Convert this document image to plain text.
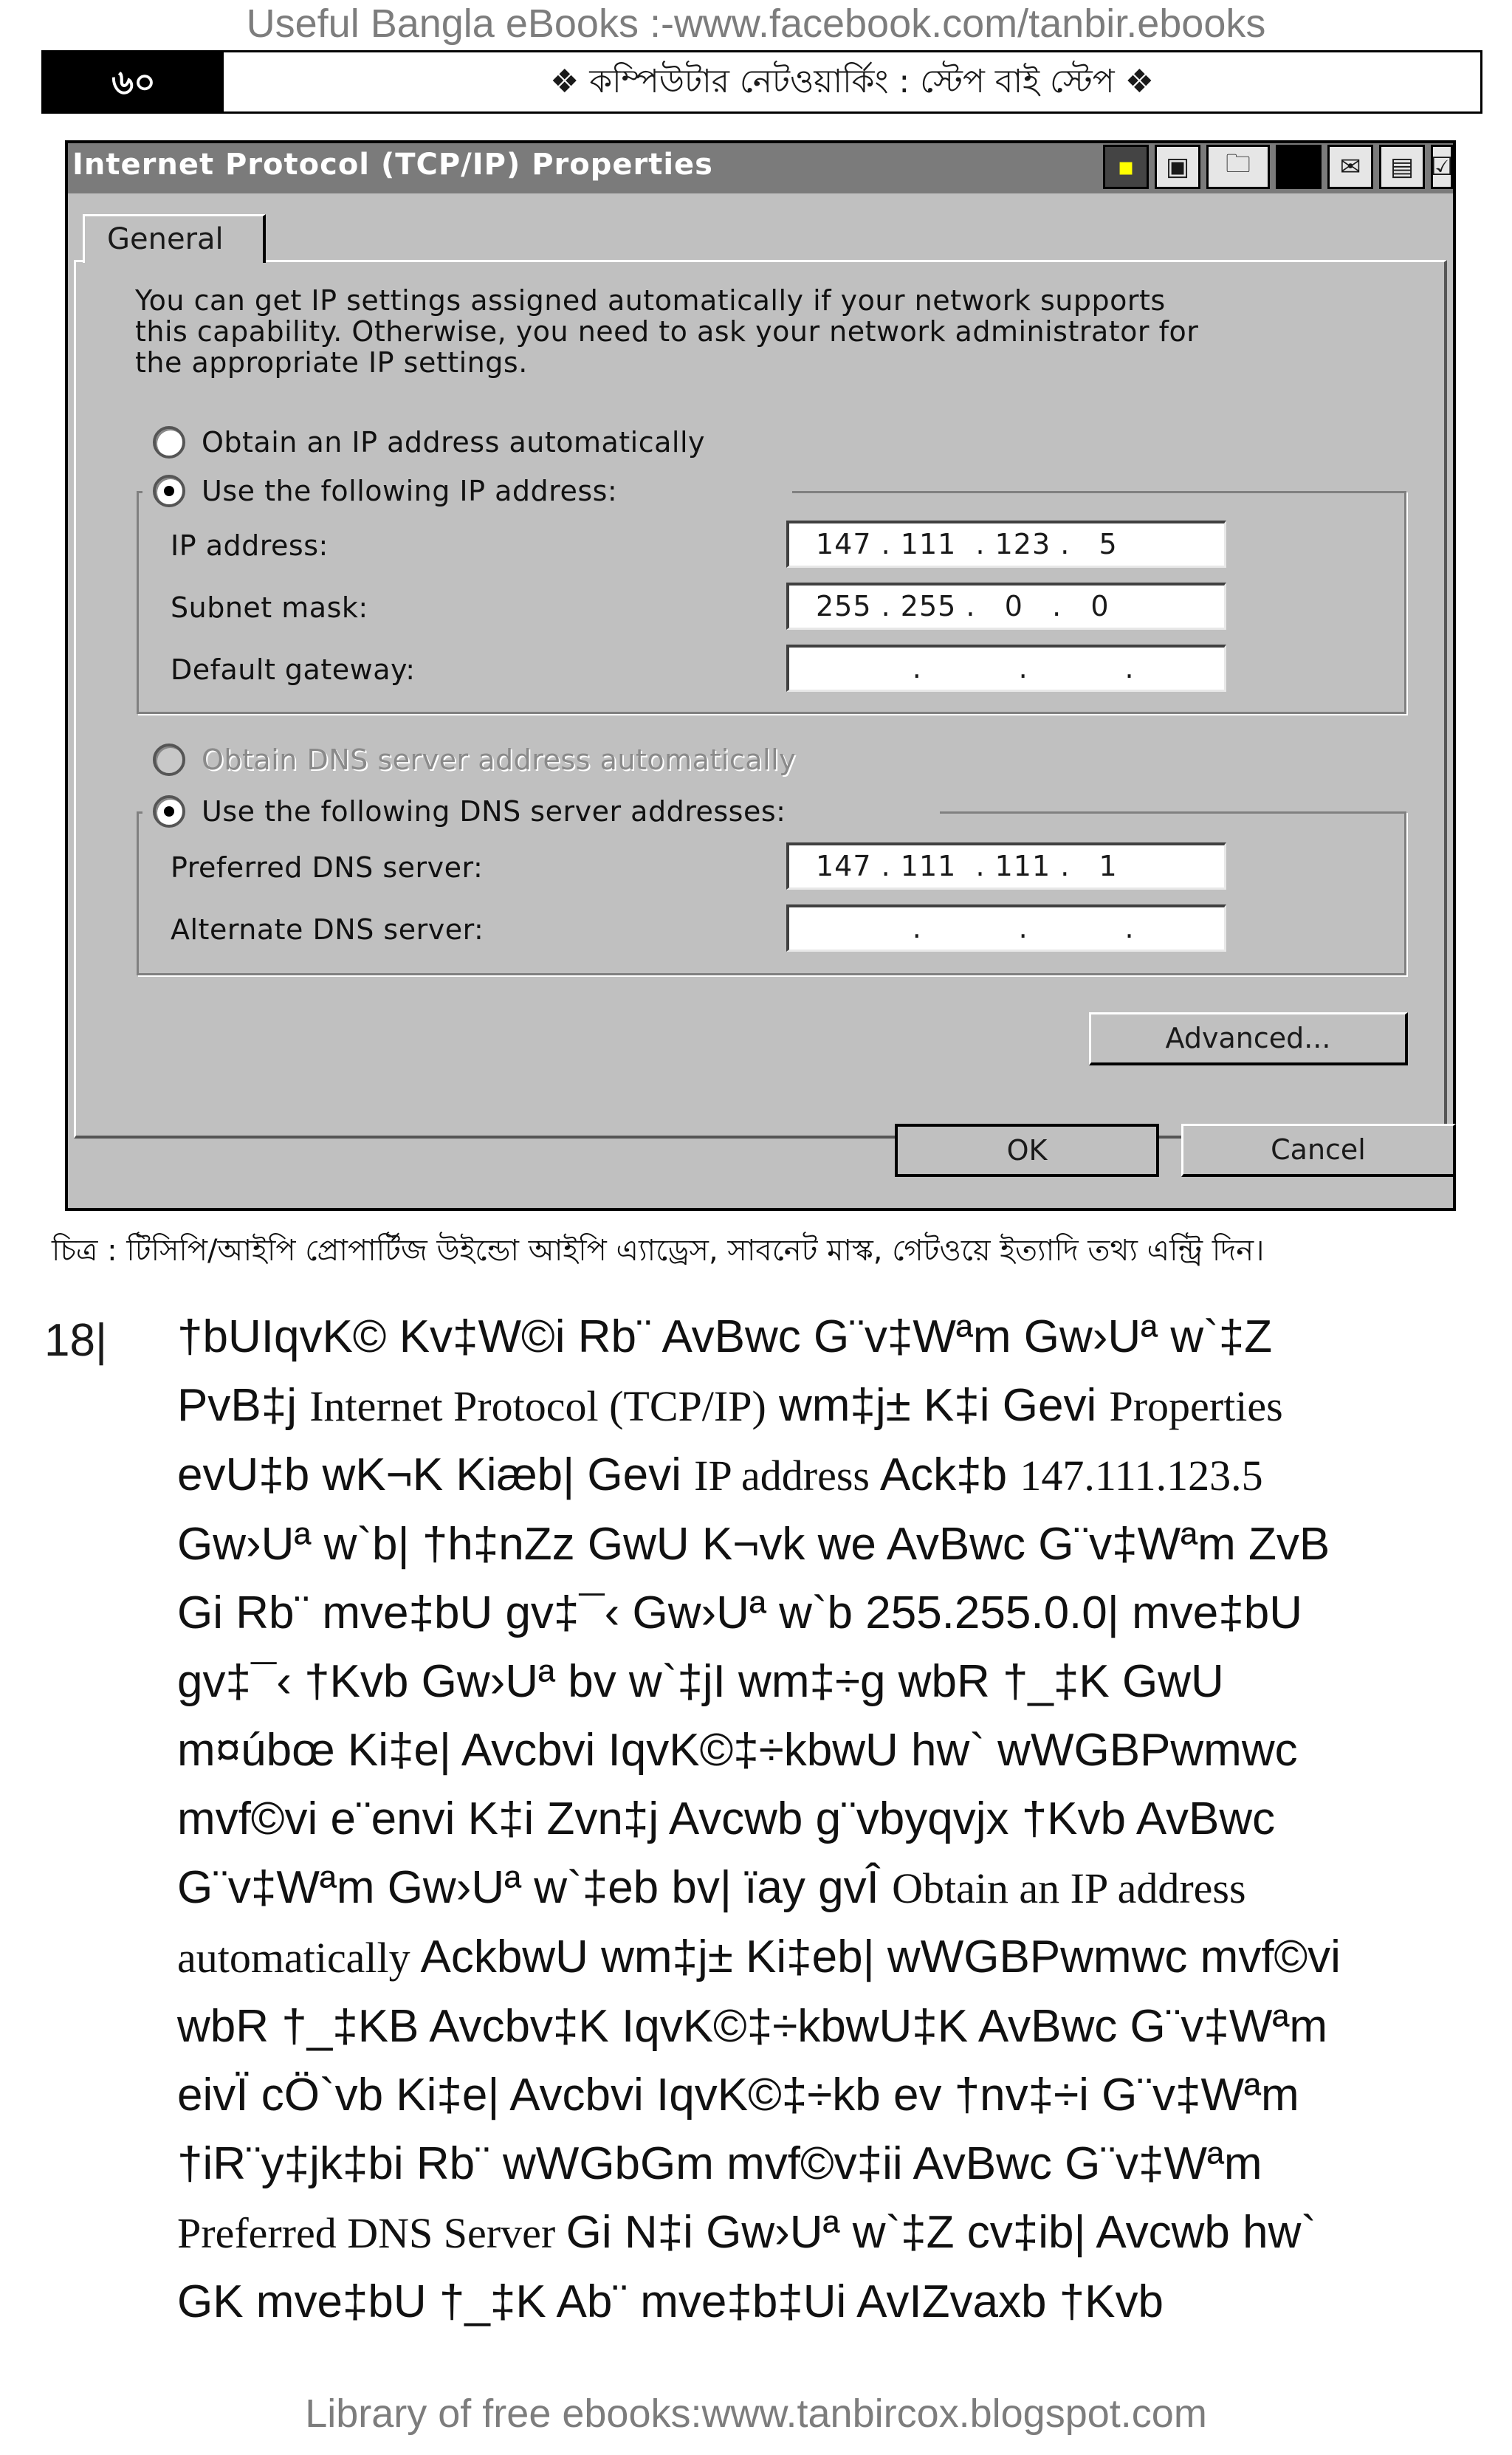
Useful Bangla eBooks :-www.facebook.com/tanbir.ebooks
৬০	❖ কম্পিউটার নেটওয়ার্কিং : স্টেপ বাই স্টেপ ❖
Internet Protocol (TCP/IP) Properties	▪	▣	🗀	✉	▤ ☑
General
You can get IP settings assigned automatically if your network supports
this capability. Otherwise, you need to ask your network administrator for
the appropriate IP settings.
Obtain an IP address automatically
Use the following IP address:
IP address:	147 . 111  . 123 .   5
Subnet mask:	255 . 255 .   0   .   0
Default gateway:	.          .          .
Obtain DNS server address automatically
Use the following DNS server addresses:
Preferred DNS server:	147 . 111  . 111 .   1
Alternate DNS server:	.          .          .
Advanced...
OK	Cancel
চিত্র : টিসিপি/আইপি প্রোপার্টিজ উইন্ডো আইপি এ্যাড্রেস, সাবনেট মাস্ক, গেটওয়ে ইত্যাদি তথ্য এন্ট্রি দিন।
18| †bUIqvK© Kv‡W©i Rb¨ AvBwc G¨v‡Wªm Gw›Uª w`‡Z
PvB‡j Internet Protocol (TCP/IP) wm‡j± K‡i Gevi Properties
evU‡b wK¬K Kiæb| Gevi IP address Ack‡b 147.111.123.5
Gw›Uª w`b| †h‡nZz GwU K¬vk we AvBwc G¨v‡Wªm ZvB
Gi Rb¨ mve‡bU gv‡¯‹ Gw›Uª w`b 255.255.0.0| mve‡bU
gv‡¯‹ †Kvb Gw›Uª bv w`‡jI wm‡÷g wbR †_‡K GwU
m¤úbœ Ki‡e| Avcbvi IqvK©‡÷kbwU hw` wWGBPwmwc
mvf©vi e¨envi K‡i Zvn‡j Avcwb g¨vbyqvjx †Kvb AvBwc
G¨v‡Wªm Gw›Uª w`‡eb bv| ïay gvÎ Obtain an IP address
automatically AckbwU wm‡j± Ki‡eb| wWGBPwmwc mvf©vi
wbR †_‡KB Avcbv‡K IqvK©‡÷kbwU‡K AvBwc G¨v‡Wªm
eivÏ cÖ`vb Ki‡e| Avcbvi IqvK©‡÷kb ev †nv‡÷i G¨v‡Wªm
†iR¨y‡jk‡bi Rb¨ wWGbGm mvf©v‡ii AvBwc G¨v‡Wªm
Preferred DNS Server Gi N‡i Gw›Uª w`‡Z cv‡ib| Avcwb hw`
GK mve‡bU †_‡K Ab¨ mve‡b‡Ui AvIZvaxb †Kvb
Library of free ebooks:www.tanbircox.blogspot.com
